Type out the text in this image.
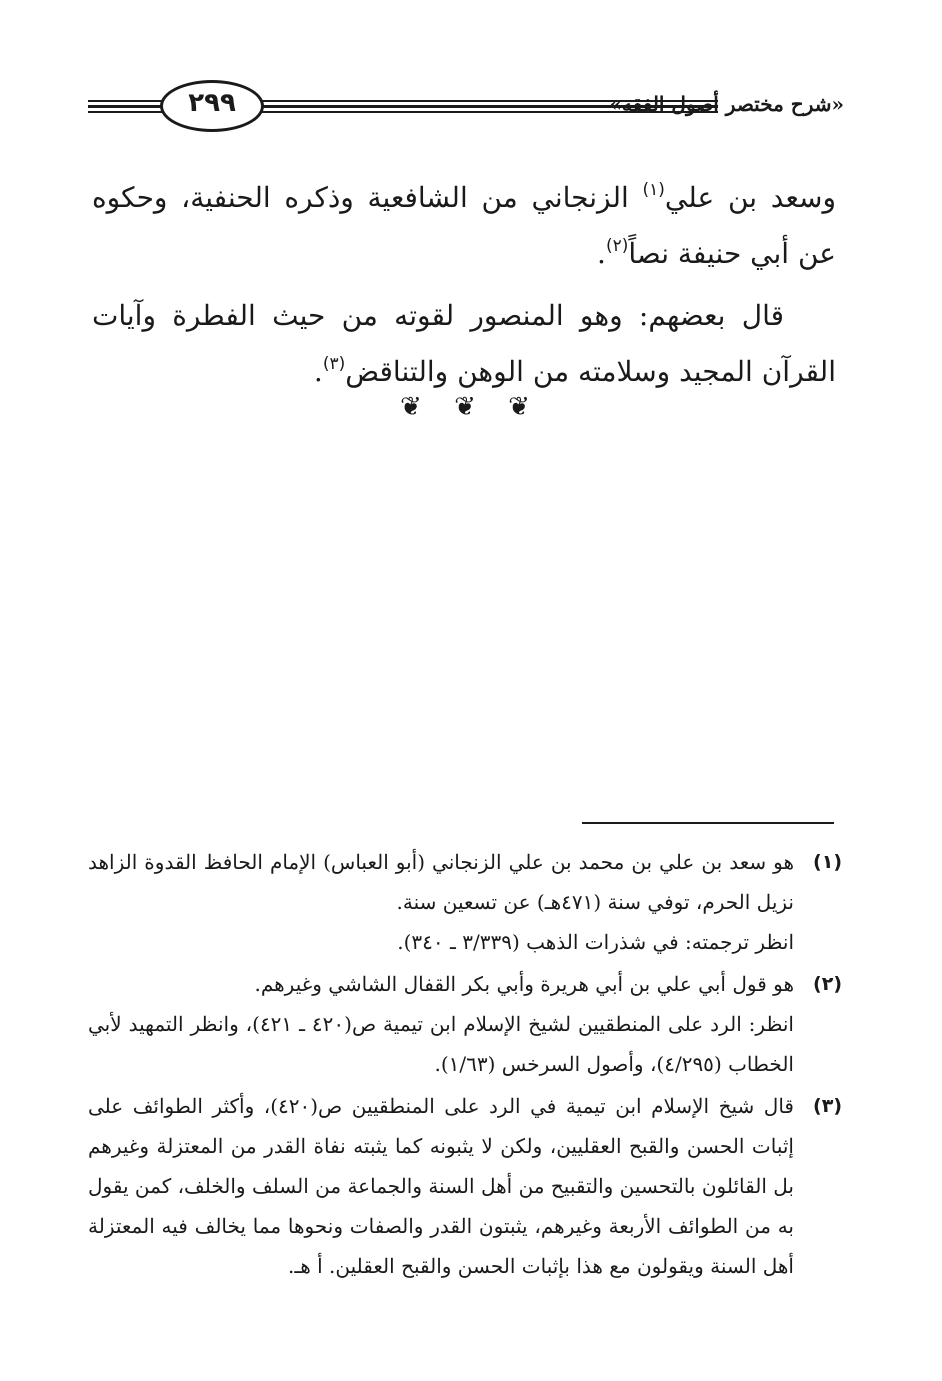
٢٩٩	«شرح مختصر أصول الفقه»

وسعد بن علي$^{(١)}$ الزنجاني من الشافعية وذكره الحنفية، وحكوه عن أبي حنيفة نصاً$^{(٢)}$.

قال بعضهم: وهو المنصور لقوته من حيث الفطرة وآيات القرآن المجيد وسلامته من الوهن والتناقض$^{(٣)}$.

❦ ❦ ❦
(١)
هو سعد بن علي بن محمد بن علي الزنجاني (أبو العباس) الإمام الحافظ القدوة الزاهد نزيل الحرم، توفي سنة (٤٧١هـ) عن تسعين سنة.
انظر ترجمته: في شذرات الذهب (٣/٣٣٩ ـ ٣٤٠).
(٢)
هو قول أبي علي بن أبي هريرة وأبي بكر القفال الشاشي وغيرهم.
انظر: الرد على المنطقيين لشيخ الإسلام ابن تيمية ص(٤٢٠ ـ ٤٢١)، وانظر التمهيد لأبي الخطاب (٤/٢٩٥)، وأصول السرخس (١/٦٣).
(٣)
قال شيخ الإسلام ابن تيمية في الرد على المنطقيين ص(٤٢٠)، وأكثر الطوائف على إثبات الحسن والقبح العقليين، ولكن لا يثبونه كما يثبته نفاة القدر من المعتزلة وغيرهم بل القائلون بالتحسين والتقبيح من أهل السنة والجماعة من السلف والخلف، كمن يقول به من الطوائف الأربعة وغيرهم، يثبتون القدر والصفات ونحوها مما يخالف فيه المعتزلة أهل السنة ويقولون مع هذا بإثبات الحسن والقبح العقلين. أ هـ.
